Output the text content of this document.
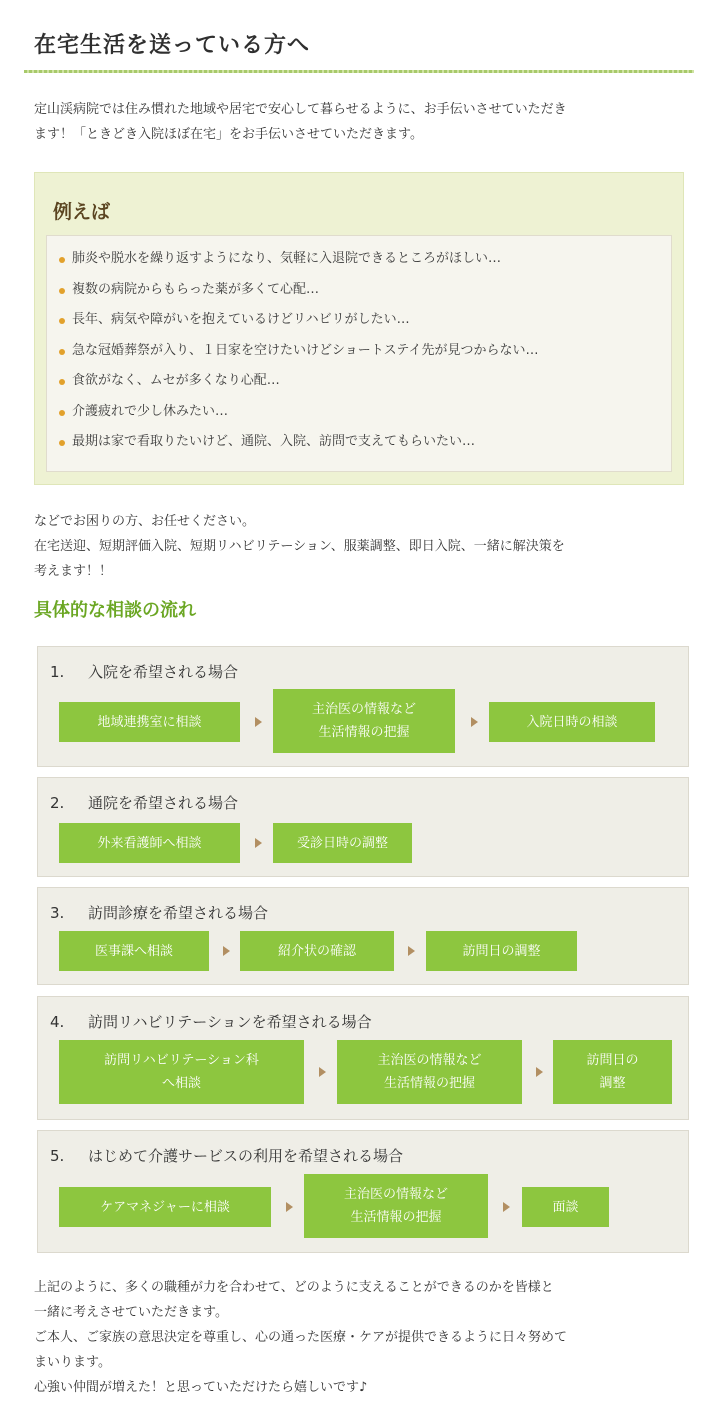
在宅生活を送っている方へ
定山渓病院では住み慣れた地域や居宅で安心して暮らせるように、お手伝いさせていただき
ます！「ときどき入院ほぼ在宅」をお手伝いさせていただきます。
例えば
肺炎や脱水を繰り返すようになり、気軽に入退院できるところがほしい…
複数の病院からもらった薬が多くて心配…
長年、病気や障がいを抱えているけどリハビリがしたい…
急な冠婚葬祭が入り、１日家を空けたいけどショートステイ先が見つからない…
食欲がなく、ムセが多くなり心配…
介護疲れで少し休みたい…
最期は家で看取りたいけど、通院、入院、訪問で支えてもらいたい…
などでお困りの方、お任せください。
在宅送迎、短期評価入院、短期リハビリテーション、服薬調整、即日入院、一緒に解決策を
考えます！！
具体的な相談の流れ
1. 入院を希望される場合
地域連携室に相談
主治医の情報など
生活情報の把握
入院日時の相談
2. 通院を希望される場合
外来看護師へ相談	受診日時の調整
3. 訪問診療を希望される場合
医事課へ相談	紹介状の確認	訪問日の調整
4. 訪問リハビリテーションを希望される場合
訪問リハビリテーション科
へ相談
主治医の情報など
生活情報の把握
訪問日の
調整
5. はじめて介護サービスの利用を希望される場合
ケアマネジャーに相談
主治医の情報など
生活情報の把握
面談
上記のように、多くの職種が力を合わせて、どのように支えることができるのかを皆様と
一緒に考えさせていただきます。
ご本人、ご家族の意思決定を尊重し、心の通った医療・ケアが提供できるように日々努めて
まいります。
心強い仲間が増えた！と思っていただけたら嬉しいです♪
